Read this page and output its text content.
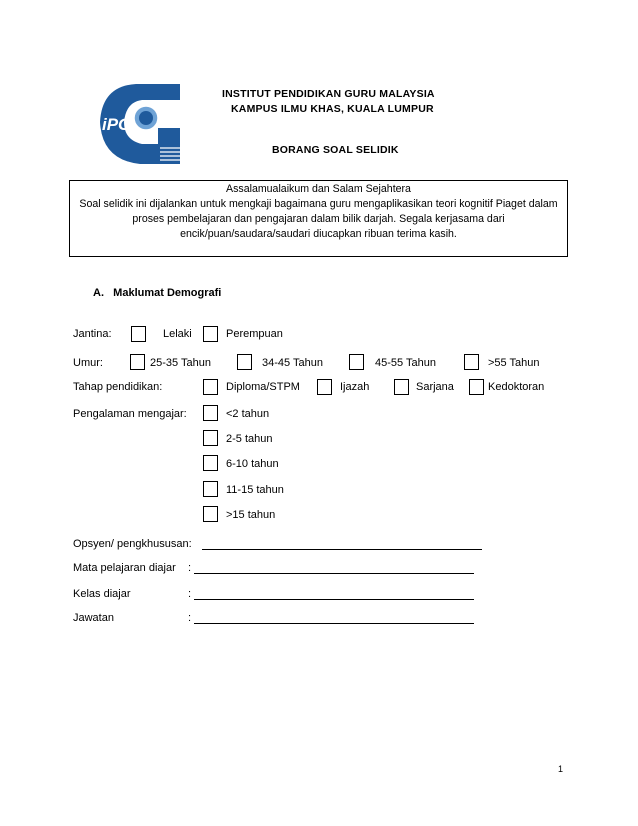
iPG
INSTITUT PENDIDIKAN GURU MALAYSIA
KAMPUS ILMU KHAS, KUALA LUMPUR
BORANG SOAL SELIDIK

Assalamualaikum dan Salam Sejahtera

Soal selidik ini dijalankan untuk mengkaji bagaimana guru mengaplikasikan teori kognitif Piaget dalam proses pembelajaran dan pengajaran dalam bilik darjah. Segala kerjasama dari encik/puan/saudara/saudari diucapkan ribuan terima kasih.

A.   Maklumat Demografi
Jantina:	Lelaki	Perempuan
Umur:	25-35 Tahun	34-45 Tahun	45-55 Tahun	>55 Tahun
Tahap pendidikan:	Diploma/STPM	Ijazah	Sarjana	Kedoktoran
Pengalaman mengajar:	<2 tahun
2-5 tahun
6-10 tahun
11-15 tahun
>15 tahun
Opsyen/ pengkhususan:
Mata pelajaran diajar :
Kelas diajar	:
Jawatan	:
1
